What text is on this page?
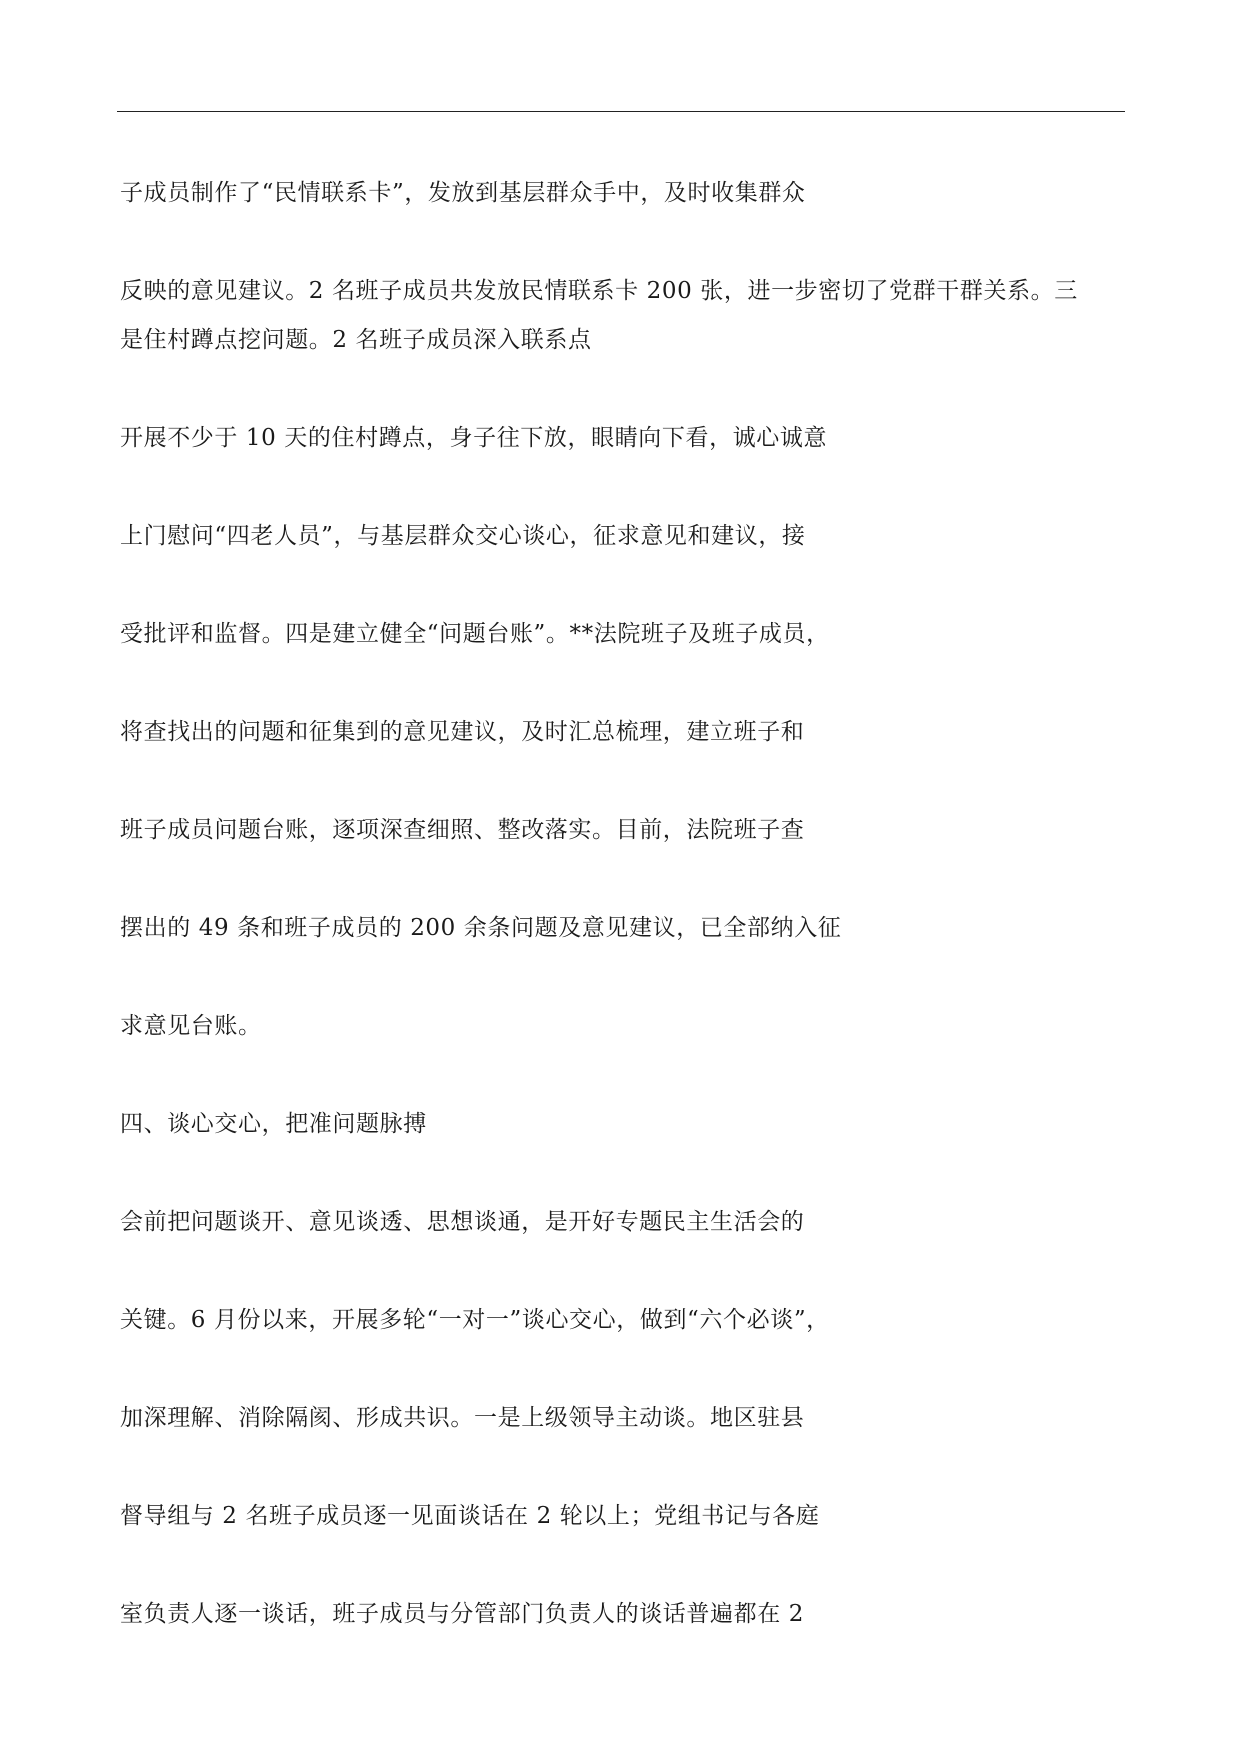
子成员制作了“民情联系卡”，发放到基层群众手中，及时收集群众
反映的意见建议。2 名班子成员共发放民情联系卡 200 张，进一步密切了党群干群关系。三
是住村蹲点挖问题。2 名班子成员深入联系点
开展不少于 10 天的住村蹲点，身子往下放，眼睛向下看，诚心诚意
上门慰问“四老人员”，与基层群众交心谈心，征求意见和建议，接
受批评和监督。四是建立健全“问题台账”。**法院班子及班子成员，
将查找出的问题和征集到的意见建议，及时汇总梳理，建立班子和
班子成员问题台账，逐项深查细照、整改落实。目前，法院班子查
摆出的 49 条和班子成员的 200 余条问题及意见建议，已全部纳入征
求意见台账。
四、谈心交心，把准问题脉搏
会前把问题谈开、意见谈透、思想谈通，是开好专题民主生活会的
关键。6 月份以来，开展多轮“一对一”谈心交心，做到“六个必谈”，
加深理解、消除隔阂、形成共识。一是上级领导主动谈。地区驻县
督导组与 2 名班子成员逐一见面谈话在 2 轮以上；党组书记与各庭
室负责人逐一谈话，班子成员与分管部门负责人的谈话普遍都在 2
